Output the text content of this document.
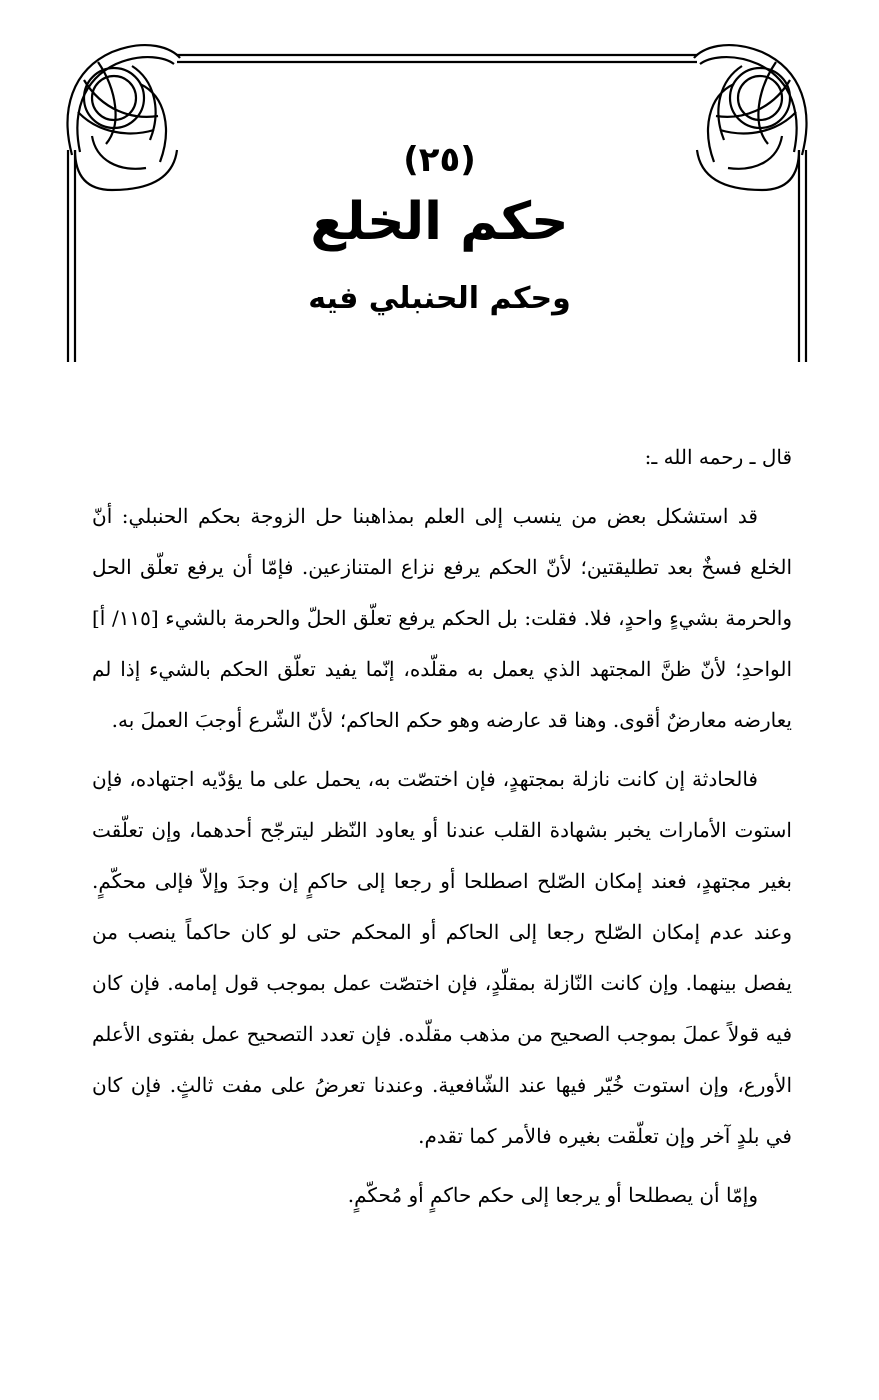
(٢٥)
حكم الخلع
وحكم الحنبلي فيه

قال ـ رحمه الله ـ:

قد استشكل بعض من ينسب إلى العلم بمذاهبنا حل الزوجة بحكم الحنبلي: أنّ الخلع فسخٌ بعد تطليقتين؛ لأنّ الحكم يرفع نزاع المتنازعين. فإمّا أن يرفع تعلّق الحل والحرمة بشيءٍ واحدٍ، فلا. فقلت: بل الحكم يرفع تعلّق الحلّ والحرمة بالشيء [١١٥/ أ] الواحدِ؛ لأنّ ظنَّ المجتهد الذي يعمل به مقلّده، إنّما يفيد تعلّق الحكم بالشيء إذا لم يعارضه معارضٌ أقوى. وهنا قد عارضه وهو حكم الحاكم؛ لأنّ الشّرع أوجبَ العملَ به.

فالحادثة إن كانت نازلة بمجتهدٍ، فإن اختصّت به، يحمل على ما يؤدّيه اجتهاده، فإن استوت الأمارات يخبر بشهادة القلب عندنا أو يعاود النّظر ليترجّح أحدهما، وإن تعلّقت بغير مجتهدٍ، فعند إمكان الصّلح اصطلحا أو رجعا إلى حاكمٍ إن وجدَ وإلاّ فإلى محكّمٍ. وعند عدم إمكان الصّلح رجعا إلى الحاكم أو المحكم حتى لو كان حاكماً ينصب من يفصل بينهما. وإن كانت النّازلة بمقلّدٍ، فإن اختصّت عمل بموجب قول إمامه. فإن كان فيه قولاً عملَ بموجب الصحيح من مذهب مقلّده. فإن تعدد التصحيح عمل بفتوى الأعلم الأورع، وإن استوت خُيّر فيها عند الشّافعية. وعندنا تعرضُ على مفت ثالثٍ. فإن كان في بلدٍ آخر وإن تعلّقت بغيره فالأمر كما تقدم.

وإمّا أن يصطلحا أو يرجعا إلى حكم حاكمٍ أو مُحكّمٍ.
